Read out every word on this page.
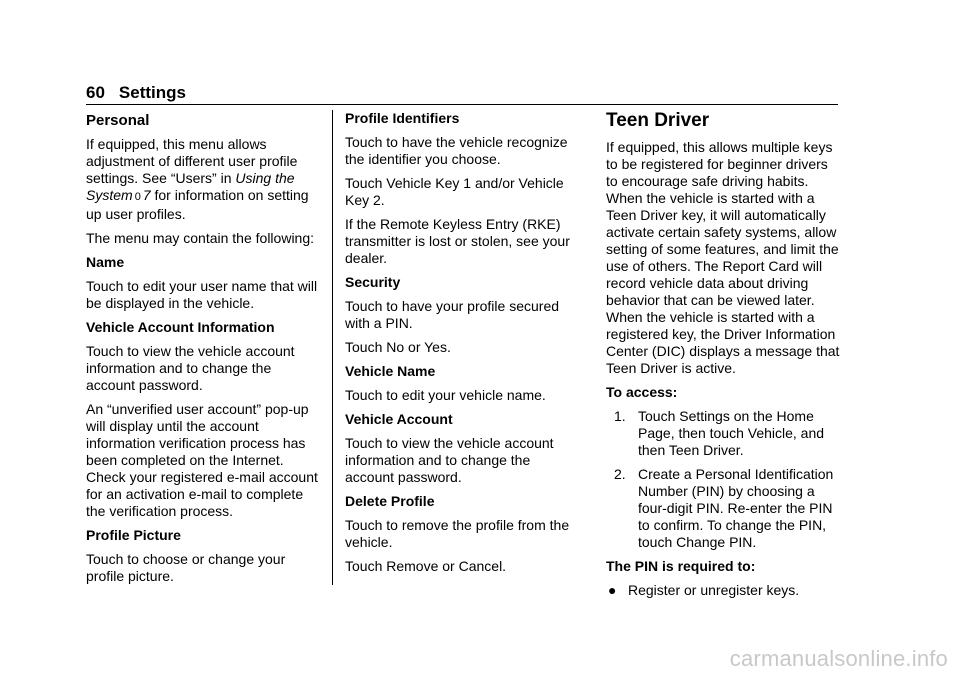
60 Settings
Personal

If equipped, this menu allows adjustment of different user profile settings. See “Users” in Using the System 0 7 for information on setting up user profiles.

The menu may contain the following:

Name

Touch to edit your user name that will be displayed in the vehicle.

Vehicle Account Information

Touch to view the vehicle account information and to change the account password.

An “unverified user account” pop-up will display until the account information verification process has been completed on the Internet. Check your registered e-mail account for an activation e-mail to complete the verification process.

Profile Picture

Touch to choose or change your profile picture.

Profile Identifiers

Touch to have the vehicle recognize the identifier you choose.

Touch Vehicle Key 1 and/or Vehicle Key 2.

If the Remote Keyless Entry (RKE) transmitter is lost or stolen, see your dealer.

Security

Touch to have your profile secured with a PIN.

Touch No or Yes.

Vehicle Name

Touch to edit your vehicle name.

Vehicle Account

Touch to view the vehicle account information and to change the account password.

Delete Profile

Touch to remove the profile from the vehicle.

Touch Remove or Cancel.

Teen Driver

If equipped, this allows multiple keys to be registered for beginner drivers to encourage safe driving habits. When the vehicle is started with a Teen Driver key, it will automatically activate certain safety systems, allow setting of some features, and limit the use of others. The Report Card will record vehicle data about driving behavior that can be viewed later. When the vehicle is started with a registered key, the Driver Information Center (DIC) displays a message that Teen Driver is active.

To access:
1. Touch Settings on the Home Page, then touch Vehicle, and then Teen Driver.
2. Create a Personal Identification Number (PIN) by choosing a four-digit PIN. Re-enter the PIN to confirm. To change the PIN, touch Change PIN.
The PIN is required to:
● Register or unregister keys.
carmanualsonline.info
